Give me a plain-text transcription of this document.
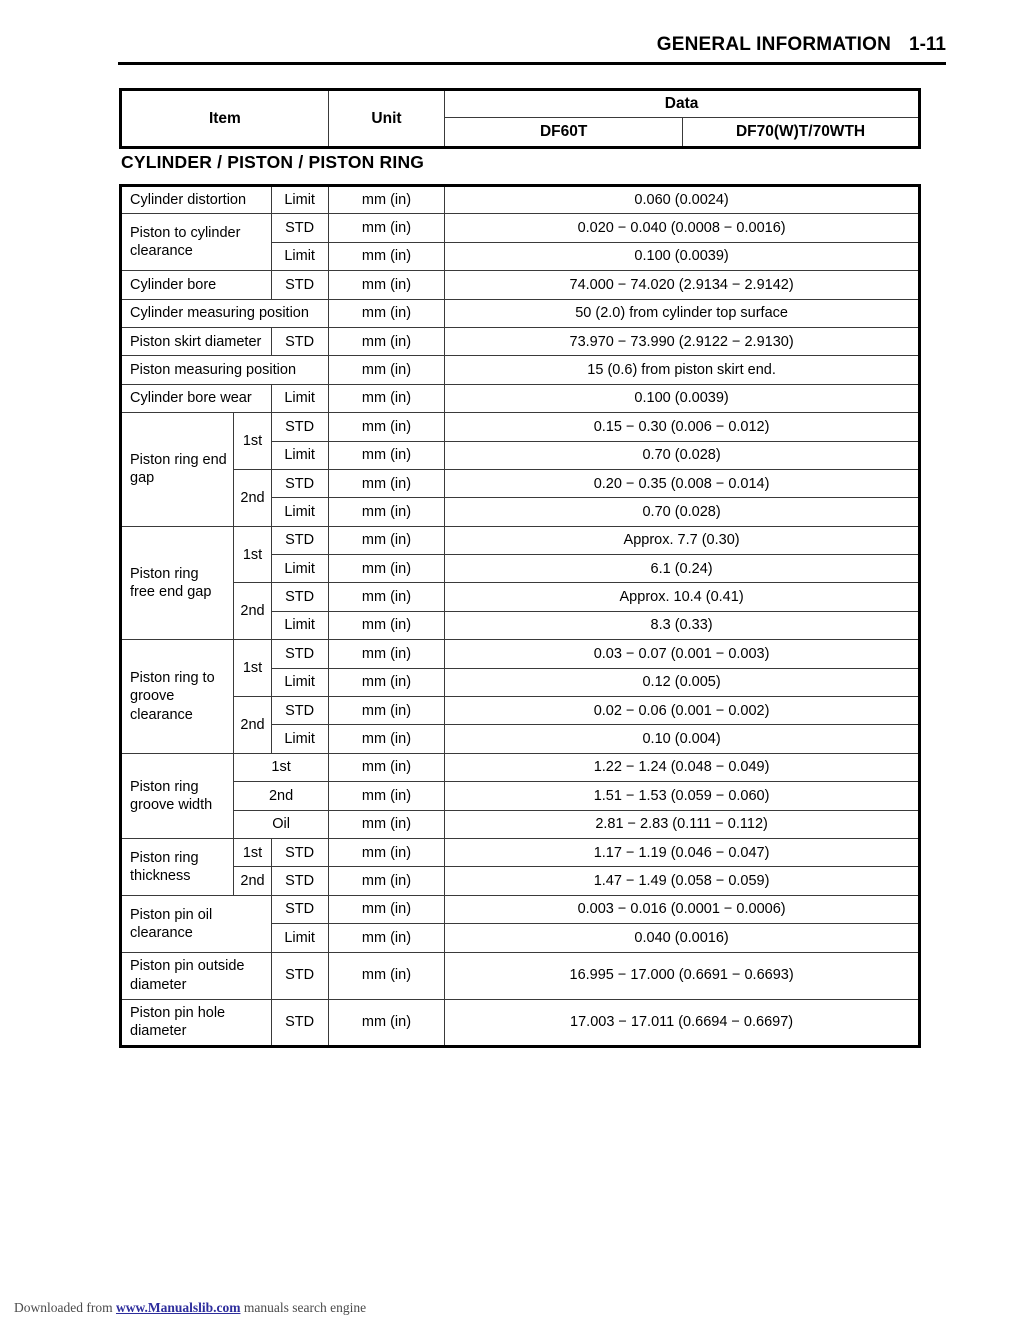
GENERAL INFORMATION 1-11
Item	Unit	Data	
		DF60T	DF70(W)T/70WTH
CYLINDER / PISTON / PISTON RING
Cylinder distortion		Limit	mm (in)	0.060 (0.0024)
Piston to cylinder clearance		STD	mm (in)	0.020 − 0.040 (0.0008 − 0.0016)
		Limit	mm (in)	0.100 (0.0039)
Cylinder bore		STD	mm (in)	74.000 − 74.020 (2.9134 − 2.9142)
Cylinder measuring position			mm (in)	50 (2.0) from cylinder top surface
Piston skirt diameter		STD	mm (in)	73.970 − 73.990 (2.9122 − 2.9130)
Piston measuring position			mm (in)	15 (0.6) from piston skirt end.
Cylinder bore wear		Limit	mm (in)	0.100 (0.0039)
Piston ring end gap	1st	STD	mm (in)	0.15 − 0.30 (0.006 − 0.012)
		Limit	mm (in)	0.70 (0.028)
	2nd	STD	mm (in)	0.20 − 0.35 (0.008 − 0.014)
		Limit	mm (in)	0.70 (0.028)
Piston ring free end gap	1st	STD	mm (in)	Approx. 7.7 (0.30)
		Limit	mm (in)	6.1 (0.24)
	2nd	STD	mm (in)	Approx. 10.4 (0.41)
		Limit	mm (in)	8.3 (0.33)
Piston ring to groove clearance	1st	STD	mm (in)	0.03 − 0.07 (0.001 − 0.003)
		Limit	mm (in)	0.12 (0.005)
	2nd	STD	mm (in)	0.02 − 0.06 (0.001 − 0.002)
		Limit	mm (in)	0.10 (0.004)
Piston ring groove width	1st		mm (in)	1.22 − 1.24 (0.048 − 0.049)
	2nd		mm (in)	1.51 − 1.53 (0.059 − 0.060)
	Oil		mm (in)	2.81 − 2.83 (0.111 − 0.112)
Piston ring thickness	1st	STD	mm (in)	1.17 − 1.19 (0.046 − 0.047)
	2nd	STD	mm (in)	1.47 − 1.49 (0.058 − 0.059)
Piston pin oil clearance		STD	mm (in)	0.003 − 0.016 (0.0001 − 0.0006)
		Limit	mm (in)	0.040 (0.0016)
Piston pin outside diameter		STD	mm (in)	16.995 − 17.000 (0.6691 − 0.6693)
Piston pin hole diameter		STD	mm (in)	17.003 − 17.011 (0.6694 − 0.6697)
Downloaded from www.Manualslib.com manuals search engine
